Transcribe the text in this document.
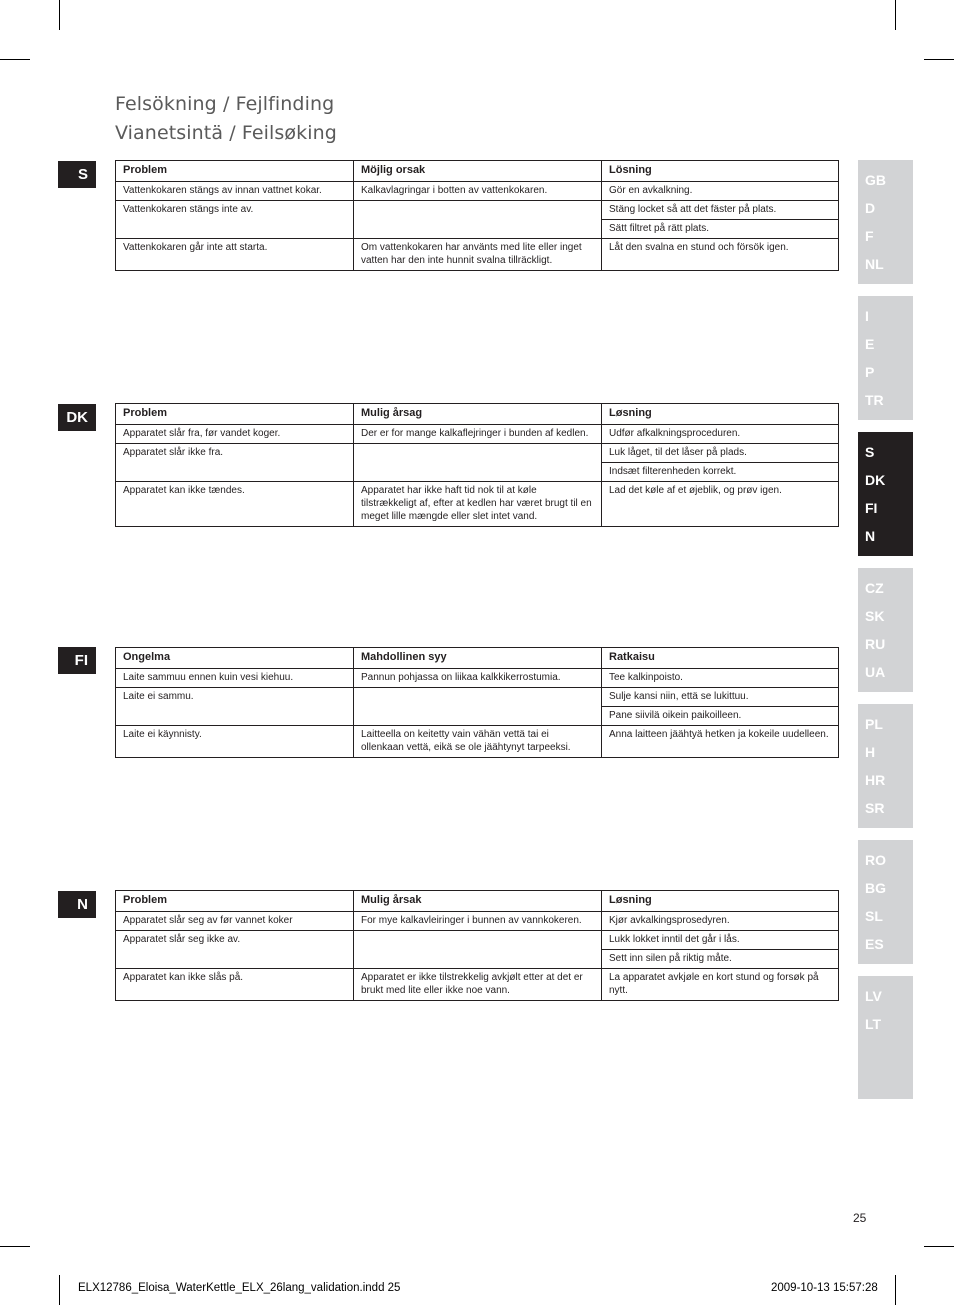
Felsökning / Fejlfinding
Vianetsintä / Feilsøking
S	Problem	Möjlig orsak	Lösning
Vattenkokaren stängs av innan vattnet kokar.	Kalkavlagringar i botten av vattenkokaren.	Gör en avkalkning.
Vattenkokaren stängs inte av.		Stäng locket så att det fäster på plats.
		Sätt filtret på rätt plats.
Vattenkokaren går inte att starta.	Om vattenkokaren har använts med lite eller inget vatten har den inte hunnit svalna tillräckligt.	Låt den svalna en stund och försök igen.
DK	Problem	Mulig årsag	Løsning
Apparatet slår fra, før vandet koger.	Der er for mange kalkaflejringer i bunden af kedlen.	Udfør afkalkningsproceduren.
Apparatet slår ikke fra.		Luk låget, til det låser på plads.
		Indsæt filterenheden korrekt.
Apparatet kan ikke tændes.	Apparatet har ikke haft tid nok til at køle tilstrækkeligt af, efter at kedlen har været brugt til en meget lille mængde eller slet intet vand.	Lad det køle af et øjeblik, og prøv igen.
FI	Ongelma	Mahdollinen syy	Ratkaisu
Laite sammuu ennen kuin vesi kiehuu.	Pannun pohjassa on liikaa kalkkikerrostumia.	Tee kalkinpoisto.
Laite ei sammu.		Sulje kansi niin, että se lukittuu.
		Pane siivilä oikein paikoilleen.
Laite ei käynnisty.	Laitteella on keitetty vain vähän vettä tai ei ollenkaan vettä, eikä se ole jäähtynyt tarpeeksi.	Anna laitteen jäähtyä hetken ja kokeile uudelleen.
N	Problem	Mulig årsak	Løsning
Apparatet slår seg av før vannet koker	For mye kalkavleiringer i bunnen av vannkokeren.	Kjør avkalkingsprosedyren.
Apparatet slår seg ikke av.		Lukk lokket inntil det går i lås.
		Sett inn silen på riktig måte.
Apparatet kan ikke slås på.	Apparatet er ikke tilstrekkelig avkjølt etter at det er brukt med lite eller ikke noe vann.	La apparatet avkjøle en kort stund og forsøk på nytt.
GB
D
F
NL
I
E
P
TR
S
DK
FI
N
CZ
SK
RU
UA
PL
H
HR
SR
RO
BG
SL
ES
LV
LT
25
ELX12786_Eloisa_WaterKettle_ELX_26lang_validation.indd 25	2009-10-13 15:57:28
